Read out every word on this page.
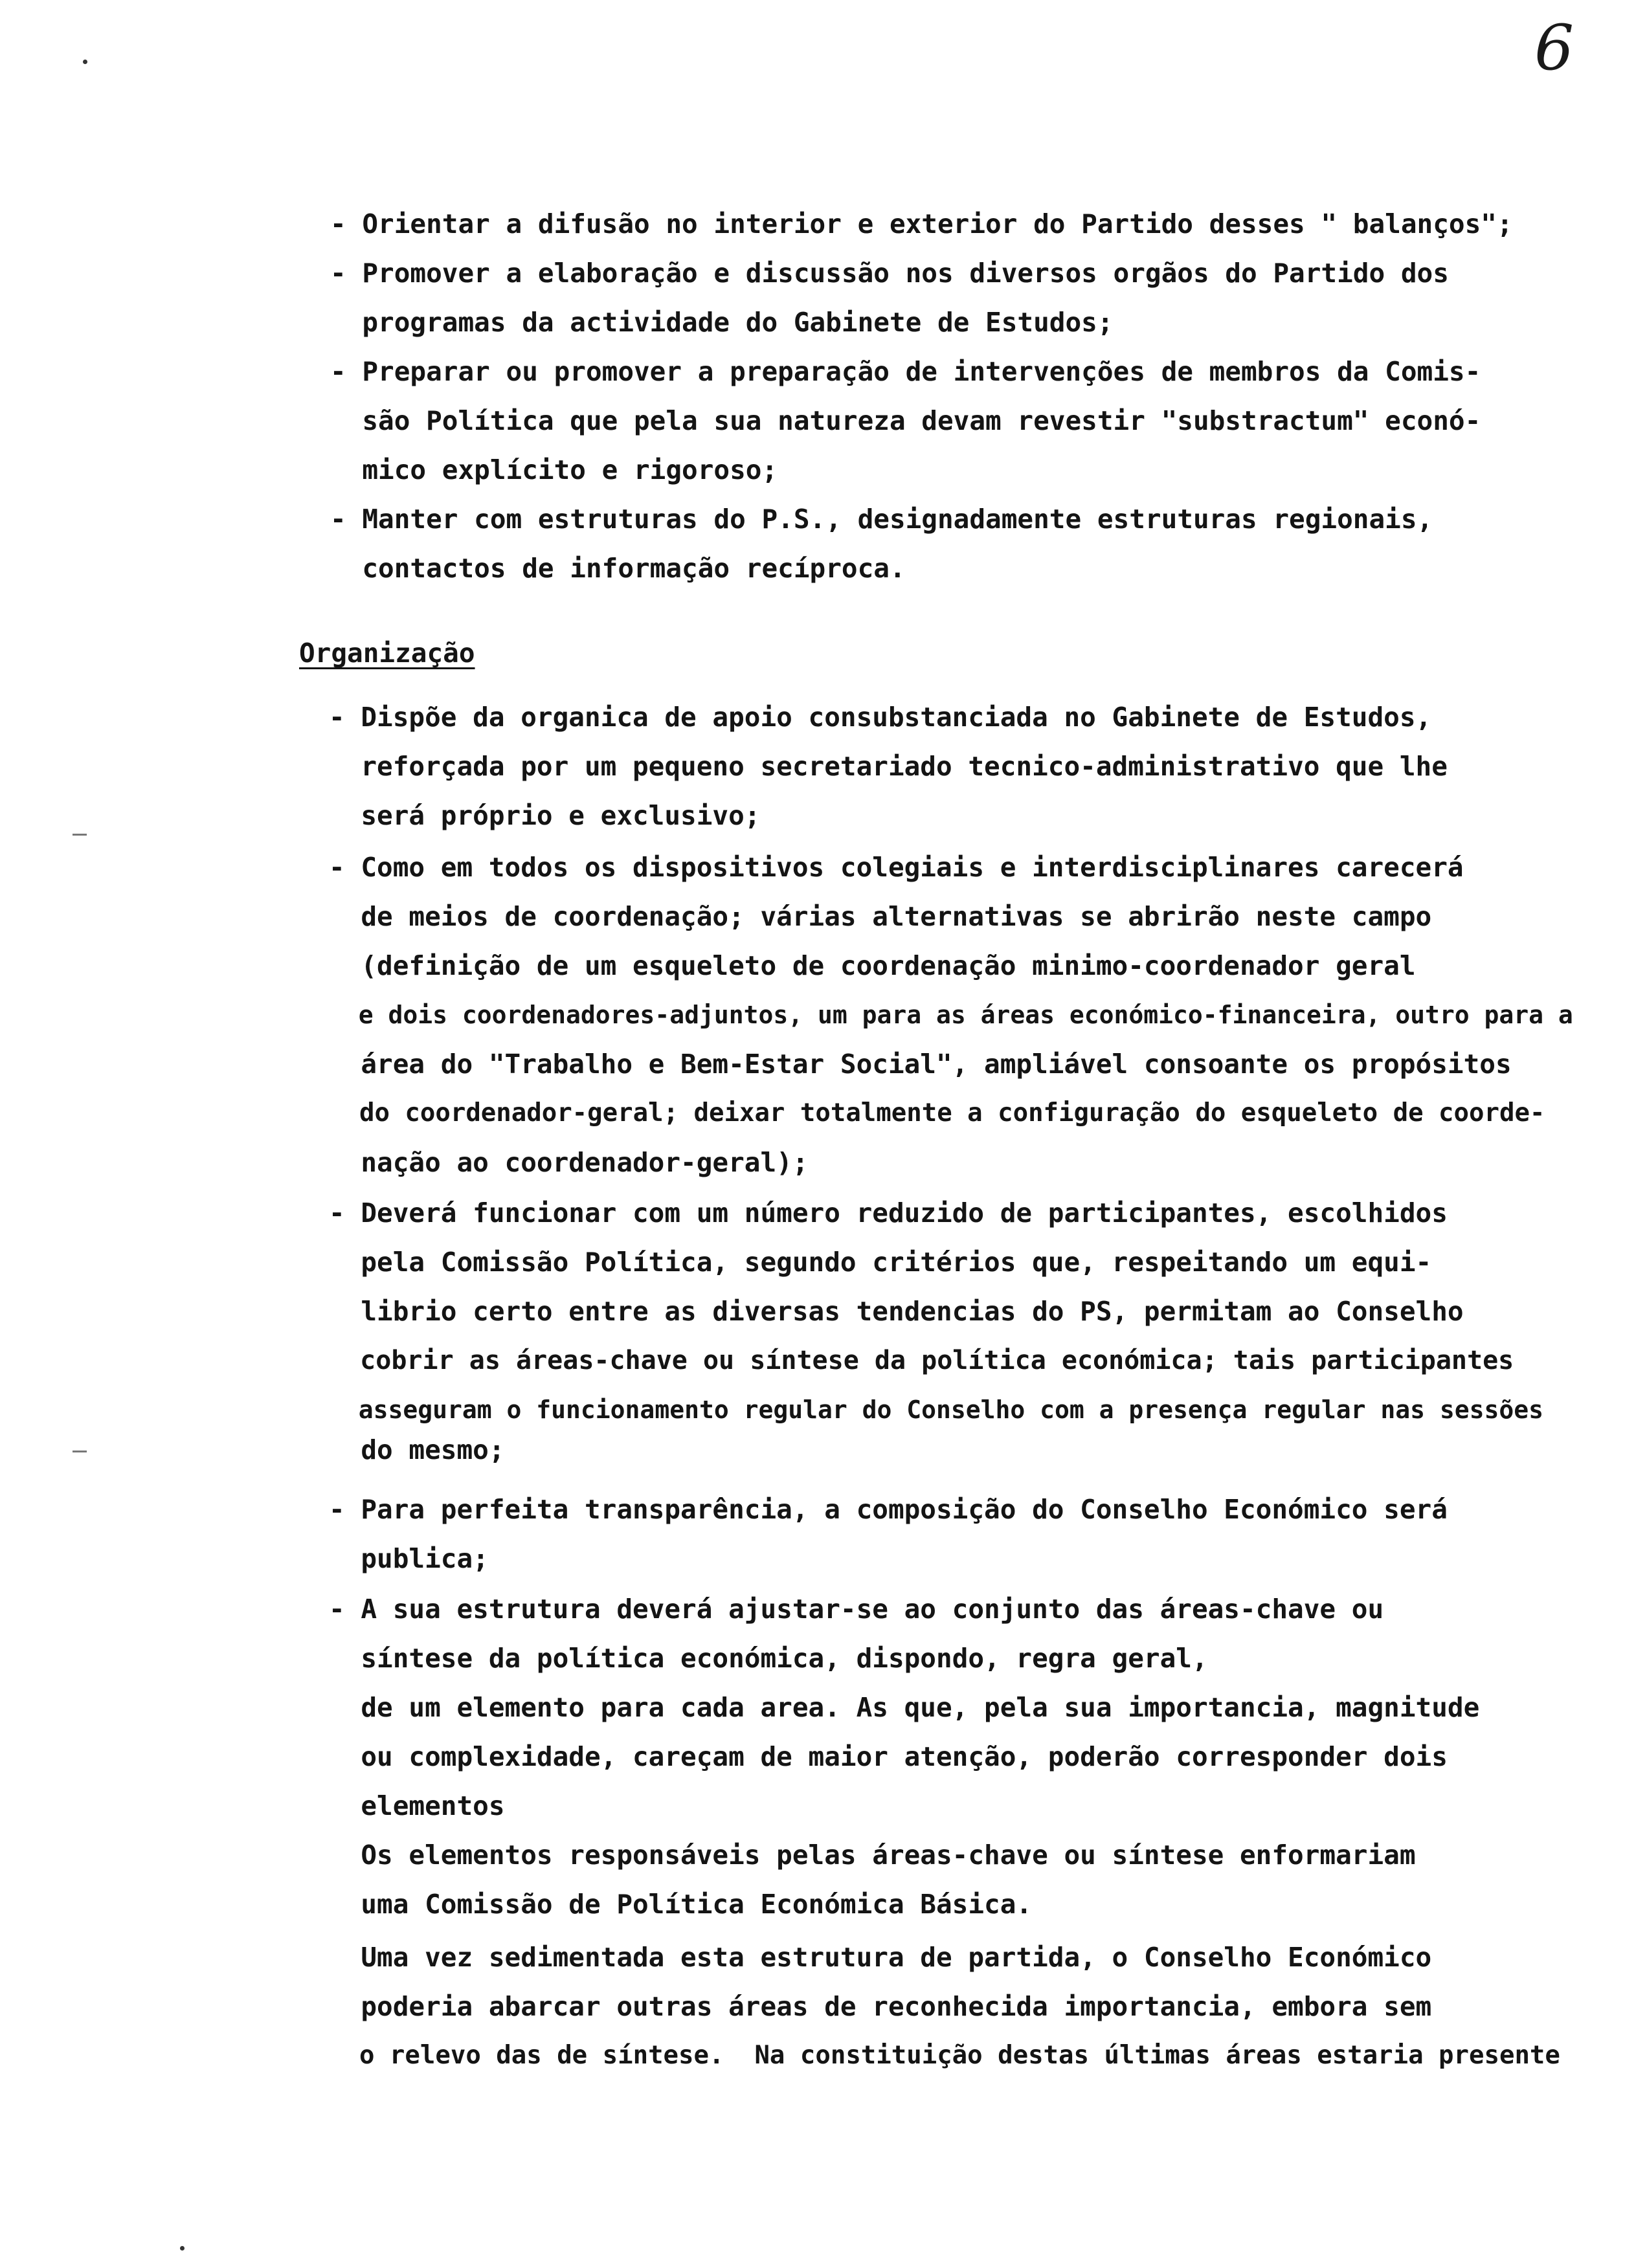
6
- Orientar a difusão no interior e exterior do Partido desses " balanços";
- Promover a elaboração e discussão nos diversos orgãos do Partido dos
programas da actividade do Gabinete de Estudos;
- Preparar ou promover a preparação de intervenções de membros da Comis-
são Política que pela sua natureza devam revestir "substractum" econó-
mico explícito e rigoroso;
- Manter com estruturas do P.S., designadamente estruturas regionais,
contactos de informação recíproca.
Organização
- Dispõe da organica de apoio consubstanciada no Gabinete de Estudos,
reforçada por um pequeno secretariado tecnico-administrativo que lhe
será próprio e exclusivo;
- Como em todos os dispositivos colegiais e interdisciplinares carecerá
de meios de coordenação; várias alternativas se abrirão neste campo
(definição de um esqueleto de coordenação minimo-coordenador geral
e dois coordenadores-adjuntos, um para as áreas económico-financeira, outro para a
área do "Trabalho e Bem-Estar Social", ampliável consoante os propósitos
do coordenador-geral; deixar totalmente a configuração do esqueleto de coorde-
nação ao coordenador-geral);
- Deverá funcionar com um número reduzido de participantes, escolhidos
pela Comissão Política, segundo critérios que, respeitando um equi-
librio certo entre as diversas tendencias do PS, permitam ao Conselho
cobrir as áreas-chave ou síntese da política económica; tais participantes
asseguram o funcionamento regular do Conselho com a presença regular nas sessões
do mesmo;
- Para perfeita transparência, a composição do Conselho Económico será
publica;
- A sua estrutura deverá ajustar-se ao conjunto das áreas-chave ou
síntese da política económica, dispondo, regra geral,
de um elemento para cada area. As que, pela sua importancia, magnitude
ou complexidade, careçam de maior atenção, poderão corresponder dois
elementos
Os elementos responsáveis pelas áreas-chave ou síntese enformariam
uma Comissão de Política Económica Básica.
Uma vez sedimentada esta estrutura de partida, o Conselho Económico
poderia abarcar outras áreas de reconhecida importancia, embora sem
o relevo das de síntese.  Na constituição destas últimas áreas estaria presente
